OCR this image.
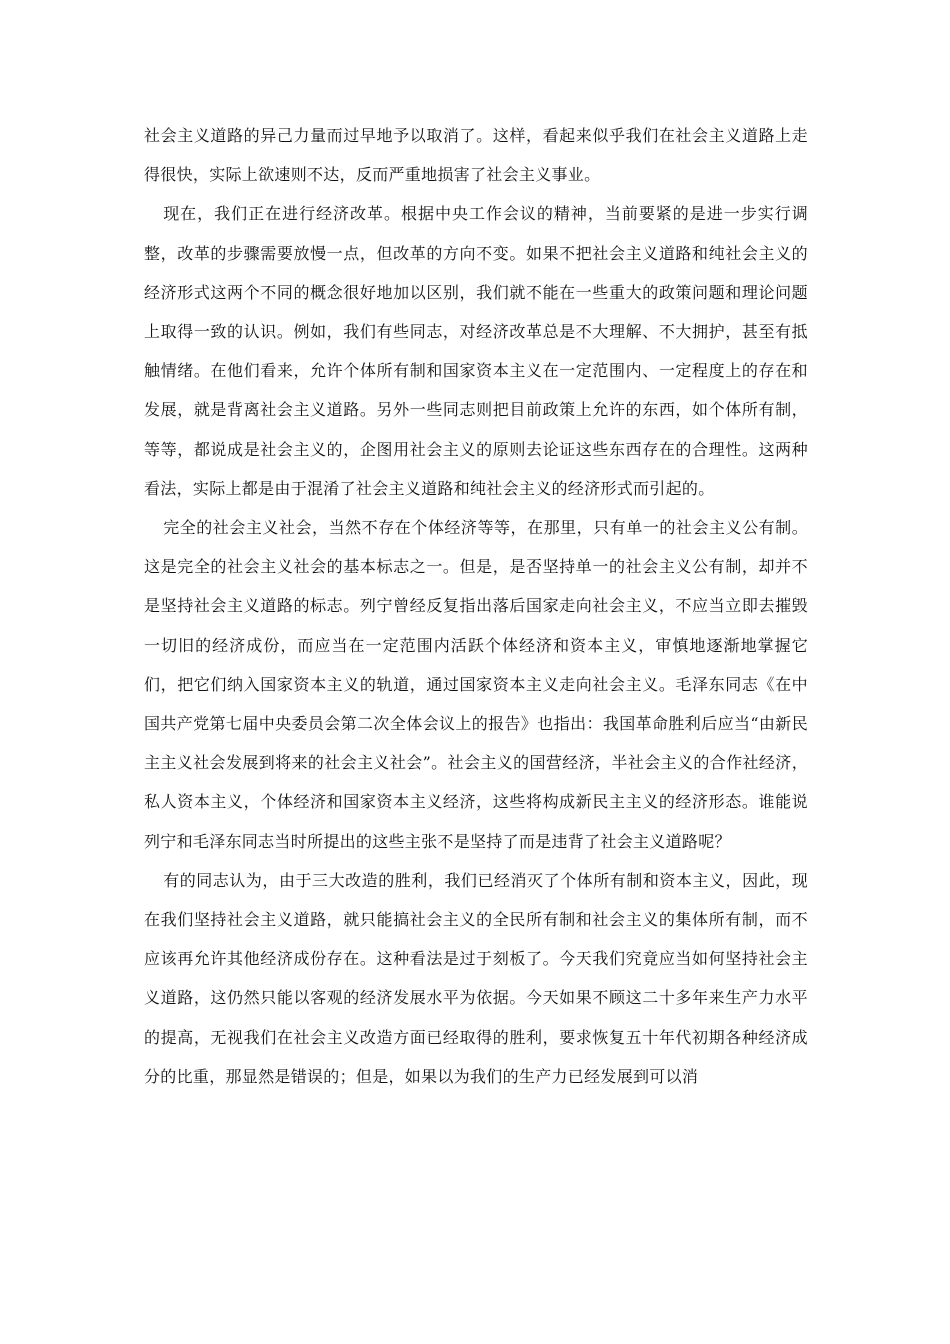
社会主义道路的异己力量而过早地予以取消了。这样，看起来似乎我们在社会主义道路上走得很快，实际上欲速则不达，反而严重地损害了社会主义事业。

现在，我们正在进行经济改革。根据中央工作会议的精神，当前要紧的是进一步实行调整，改革的步骤需要放慢一点，但改革的方向不变。如果不把社会主义道路和纯社会主义的经济形式这两个不同的概念很好地加以区别，我们就不能在一些重大的政策问题和理论问题上取得一致的认识。例如，我们有些同志，对经济改革总是不大理解、不大拥护，甚至有抵触情绪。在他们看来，允许个体所有制和国家资本主义在一定范围内、一定程度上的存在和发展，就是背离社会主义道路。另外一些同志则把目前政策上允许的东西，如个体所有制，等等，都说成是社会主义的，企图用社会主义的原则去论证这些东西存在的合理性。这两种看法，实际上都是由于混淆了社会主义道路和纯社会主义的经济形式而引起的。

完全的社会主义社会，当然不存在个体经济等等，在那里，只有单一的社会主义公有制。这是完全的社会主义社会的基本标志之一。但是，是否坚持单一的社会主义公有制，却并不是坚持社会主义道路的标志。列宁曾经反复指出落后国家走向社会主义，不应当立即去摧毁一切旧的经济成份，而应当在一定范围内活跃个体经济和资本主义，审慎地逐渐地掌握它们，把它们纳入国家资本主义的轨道，通过国家资本主义走向社会主义。毛泽东同志《在中国共产党第七届中央委员会第二次全体会议上的报告》也指出：我国革命胜利后应当“由新民主主义社会发展到将来的社会主义社会”。社会主义的国营经济，半社会主义的合作社经济，私人资本主义，个体经济和国家资本主义经济，这些将构成新民主主义的经济形态。谁能说列宁和毛泽东同志当时所提出的这些主张不是坚持了而是违背了社会主义道路呢？

有的同志认为，由于三大改造的胜利，我们已经消灭了个体所有制和资本主义，因此，现在我们坚持社会主义道路，就只能搞社会主义的全民所有制和社会主义的集体所有制，而不应该再允许其他经济成份存在。这种看法是过于刻板了。今天我们究竟应当如何坚持社会主义道路，这仍然只能以客观的经济发展水平为依据。今天如果不顾这二十多年来生产力水平的提高，无视我们在社会主义改造方面已经取得的胜利，要求恢复五十年代初期各种经济成分的比重，那显然是错误的；但是，如果以为我们的生产力已经发展到可以消
